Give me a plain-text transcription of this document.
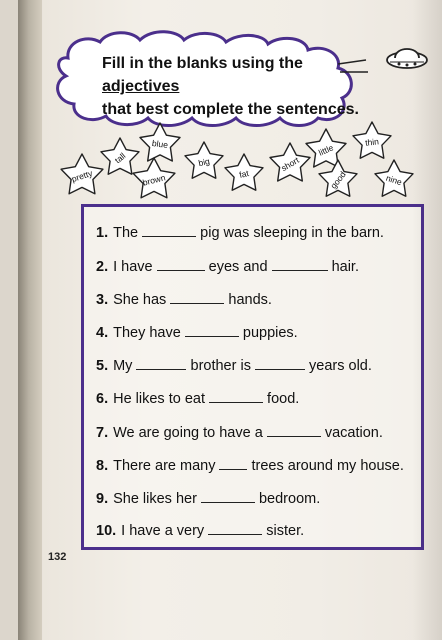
Fill in the blanks using the adjectives
that best complete the sentences.
pretty
tall
blue
brown
big
fat
short
little
good
thin
nine
1. The	pig was sleeping in the barn.
2. I have	eyes and	hair.
3. She has	hands.
4. They have	puppies.
5. My	brother is	years old.
6. He likes to eat	food.
7. We are going to have a	vacation.
8. There are many trees around my house.
9. She likes her	bedroom.
10. I have a very	sister.
132
